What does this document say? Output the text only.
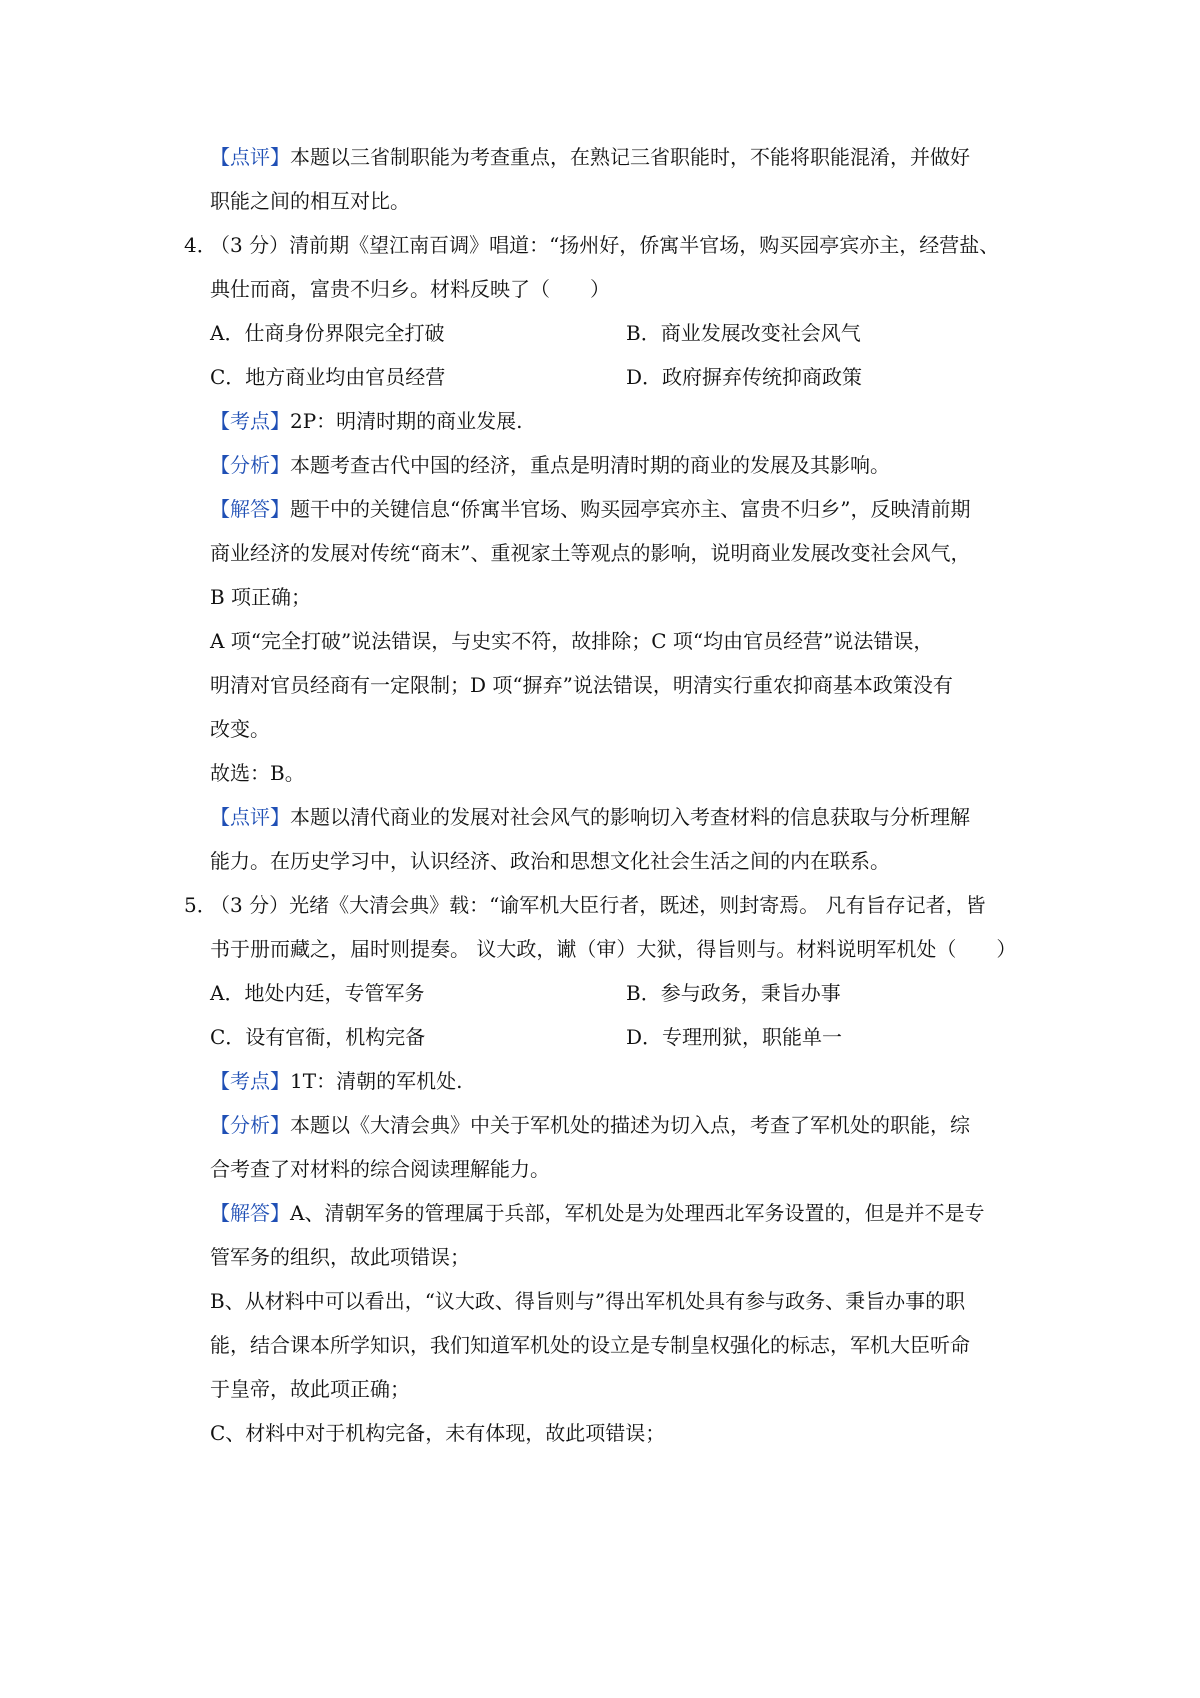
【点评】本题以三省制职能为考查重点，在熟记三省职能时，不能将职能混淆，并做好
职能之间的相互对比。
4．
（3 分）清前期《望江南百调》唱道：“扬州好，侨寓半官场，购买园亭宾亦主，经营盐、
典仕而商，富贵不归乡。材料反映了（　　）
A．仕商身份界限完全打破	B．商业发展改变社会风气
C．地方商业均由官员经营	D．政府摒弃传统抑商政策
【考点】2P：明清时期的商业发展.
【分析】本题考查古代中国的经济，重点是明清时期的商业的发展及其影响。
【解答】题干中的关键信息“侨寓半官场、购买园亭宾亦主、富贵不归乡”，反映清前期
商业经济的发展对传统“商末”、重视家土等观点的影响，说明商业发展改变社会风气，
B 项正确；
A 项“完全打破”说法错误，与史实不符，故排除；C 项“均由官员经营”说法错误，
明清对官员经商有一定限制；D 项“摒弃”说法错误，明清实行重农抑商基本政策没有
改变。
故选：B。
【点评】本题以清代商业的发展对社会风气的影响切入考查材料的信息获取与分析理解
能力。在历史学习中，认识经济、政治和思想文化社会生活之间的内在联系。
5．
（3 分）光绪《大清会典》载：“谕军机大臣行者，既述，则封寄焉。 凡有旨存记者，皆
书于册而藏之，届时则提奏。 议大政，谳（审）大狱，得旨则与。材料说明军机处（　　）
A．地处内廷，专管军务	B．参与政务，秉旨办事
C．设有官衙，机构完备	D．专理刑狱，职能单一
【考点】1T：清朝的军机处.
【分析】本题以《大清会典》中关于军机处的描述为切入点，考查了军机处的职能，综
合考查了对材料的综合阅读理解能力。
【解答】A、清朝军务的管理属于兵部，军机处是为处理西北军务设置的，但是并不是专
管军务的组织，故此项错误；
B、从材料中可以看出，“议大政、得旨则与”得出军机处具有参与政务、秉旨办事的职
能，结合课本所学知识，我们知道军机处的设立是专制皇权强化的标志，军机大臣听命
于皇帝，故此项正确；
C、材料中对于机构完备，未有体现，故此项错误；
